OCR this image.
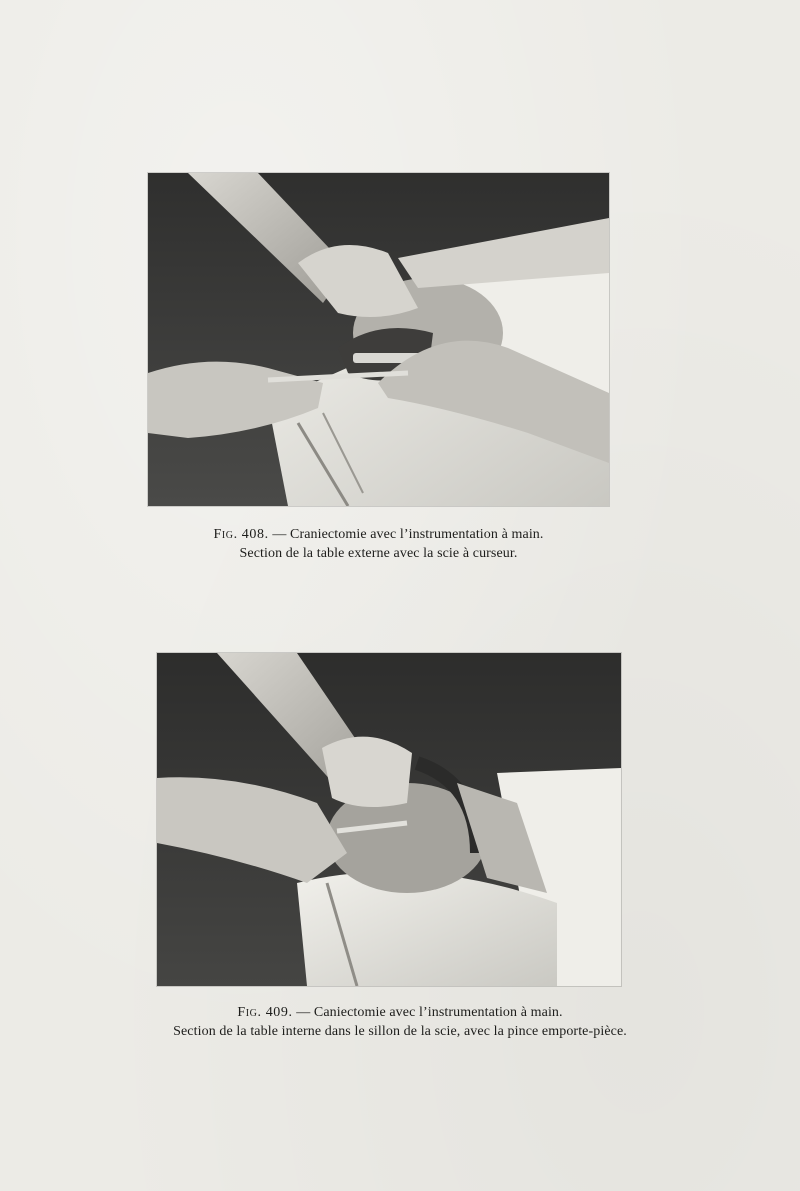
Fig. 408. — Craniectomie avec l’instrumentation à main.
Section de la table externe avec la scie à curseur.
Fig. 409. — Caniectomie avec l’instrumentation à main.
Section de la table interne dans le sillon de la scie, avec la pince emporte-pièce.
